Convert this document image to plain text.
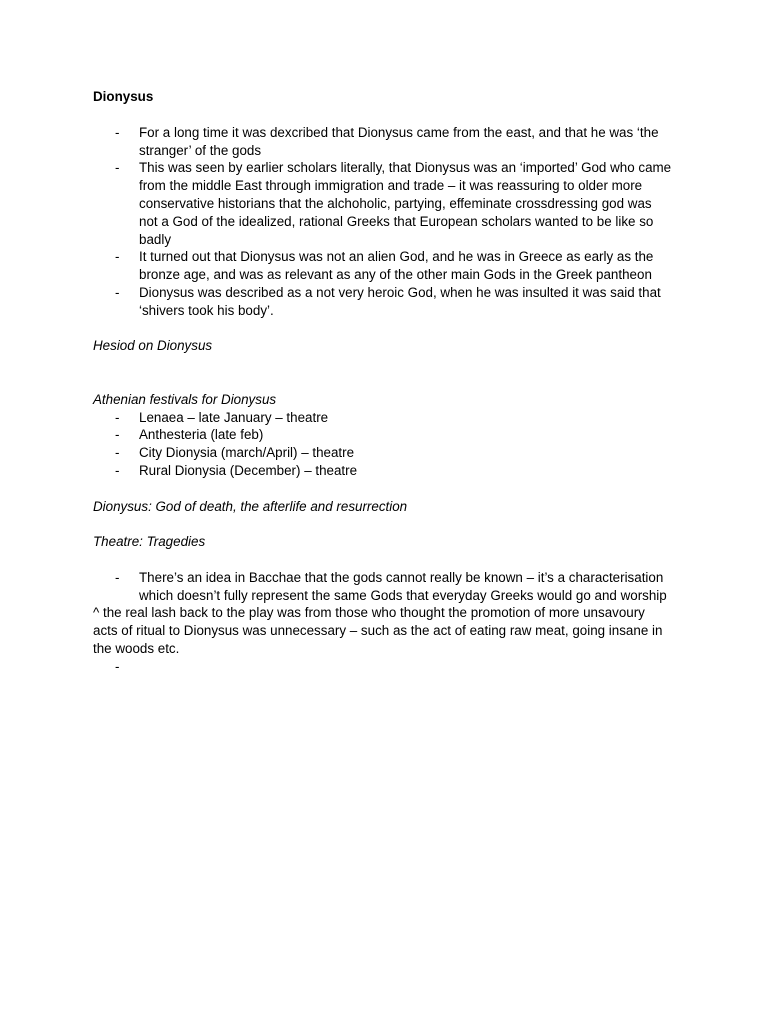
Dionysus

- For a long time it was dexcribed that Dionysus came from the east, and that he was ‘the stranger’ of the gods
- This was seen by earlier scholars literally, that Dionysus was an ‘imported’ God who came from the middle East through immigration and trade – it was reassuring to older more conservative historians that the alchoholic, partying, effeminate crossdressing god was not a God of the idealized, rational Greeks that European scholars wanted to be like so badly
- It turned out that Dionysus was not an alien God, and he was in Greece as early as the bronze age, and was as relevant as any of the other main Gods in the Greek pantheon
- Dionysus was described as a not very heroic God, when he was insulted it was said that ‘shivers took his body’.

Hesiod on Dionysus

Athenian festivals for Dionysus

- Lenaea – late January – theatre
- Anthesteria (late feb)
- City Dionysia (march/April) – theatre
- Rural Dionysia (December) – theatre

Dionysus: God of death, the afterlife and resurrection

Theatre: Tragedies

- There’s an idea in Bacchae that the gods cannot really be known – it’s a characterisation which doesn’t fully represent the same Gods that everyday Greeks would go and worship

^ the real lash back to the play was from those who thought the promotion of more unsavoury acts of ritual to Dionysus was unnecessary – such as the act of eating raw meat, going insane in the woods etc.

-
